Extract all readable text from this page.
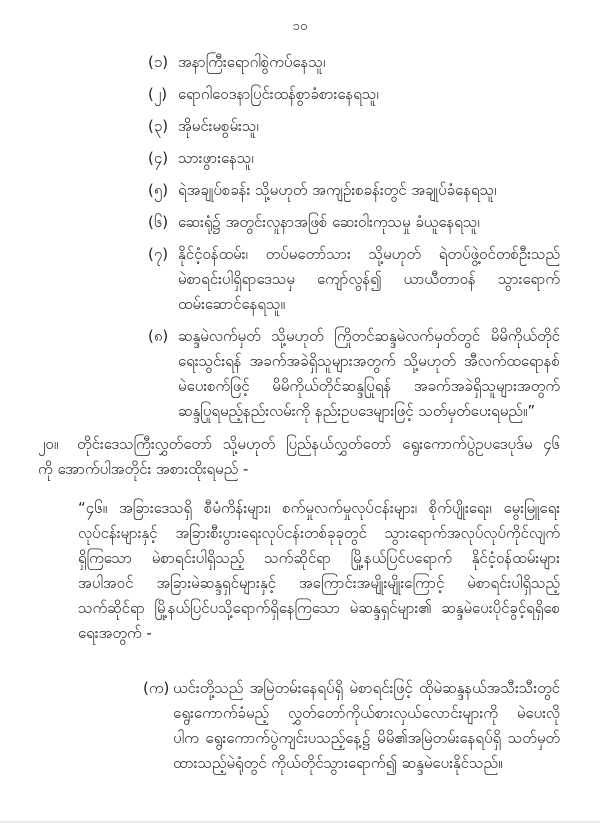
၁၀
(၁) အနာကြီးရောဂါစွဲကပ်နေသူ၊
(၂) ရောဂါဝေဒနာပြင်းထန်စွာခံစားနေရသူ၊
(၃) အိုမင်းမစွမ်းသူ၊
(၄) သားဖွားနေသူ၊
(၅) ရဲအချုပ်စခန်း သို့မဟုတ် အကျဉ်းစခန်းတွင် အချုပ်ခံနေရသူ၊
(၆) ဆေးရုံ၌ အတွင်းလူနာအဖြစ် ဆေးဝါးကုသမှု ခံယူနေရသူ၊
(၇) နိုင်ငံ့ဝန်ထမ်း၊ တပ်မတော်သား သို့မဟုတ် ရဲတပ်ဖွဲ့ဝင်တစ်ဦးသည်
မဲစာရင်းပါရှိရာဒေသမှ ကျော်လွန်၍ ယာယီတာဝန် သွားရောက်
ထမ်းဆောင်နေရသူ။
(၈) ဆန္ဒမဲလက်မှတ် သို့မဟုတ် ကြိုတင်ဆန္ဒမဲလက်မှတ်တွင် မိမိကိုယ်တိုင်
ရေးသွင်းရန် အခက်အခဲရှိသူများအတွက် သို့မဟုတ် အီလက်ထရောနစ်
မဲပေးစက်ဖြင့် မိမိကိုယ်တိုင်ဆန္ဒပြုရန် အခက်အခဲရှိသူများအတွက်
ဆန္ဒပြုရမည့်နည်းလမ်းကို နည်းဥပဒေများဖြင့် သတ်မှတ်ပေးရမည်။”
၂၀။	တိုင်းဒေသကြီးလွှတ်တော် သို့မဟုတ် ပြည်နယ်လွှတ်တော် ရွေးကောက်ပွဲဥပဒေပုဒ်မ ၄၆
ကို အောက်ပါအတိုင်း အစားထိုးရမည် -
“၄၆။ အခြားဒေသရှိ စီမံကိန်းများ၊ စက်မှုလက်မှုလုပ်ငန်းများ၊ စိုက်ပျိုးရေး၊ မွေးမြူရေး
လုပ်ငန်းများနှင့် အခြားစီးပွားရေးလုပ်ငန်းတစ်ခုခုတွင် သွားရောက်အလုပ်လုပ်ကိုင်လျက်
ရှိကြသော မဲစာရင်းပါရှိသည့် သက်ဆိုင်ရာ မြို့နယ်ပြင်ပရောက် နိုင်ငံ့ဝန်ထမ်းများ
အပါအဝင် အခြားမဲဆန္ဒရှင်များနှင့် အကြောင်းအမျိုးမျိုးကြောင့် မဲစာရင်းပါရှိသည့်
သက်ဆိုင်ရာ မြို့နယ်ပြင်ပသို့ရောက်ရှိနေကြသော မဲဆန္ဒရှင်များ၏ ဆန္ဒမဲပေးပိုင်ခွင့်ရရှိစေ
ရေးအတွက် -
(က) ယင်းတို့သည် အမြဲတမ်းနေရပ်ရှိ မဲစာရင်းဖြင့် ထိုမဲဆန္ဒနယ်အသီးသီးတွင်
ရွေးကောက်ခံမည့် လွှတ်တော်ကိုယ်စားလှယ်လောင်းများကို မဲပေးလို
ပါက ရွေးကောက်ပွဲကျင်းပသည့်နေ့၌ မိမိ၏အမြဲတမ်းနေရပ်ရှိ သတ်မှတ်
ထားသည့်မဲရုံတွင် ကိုယ်တိုင်သွားရောက်၍ ဆန္ဒမဲပေးနိုင်သည်။
